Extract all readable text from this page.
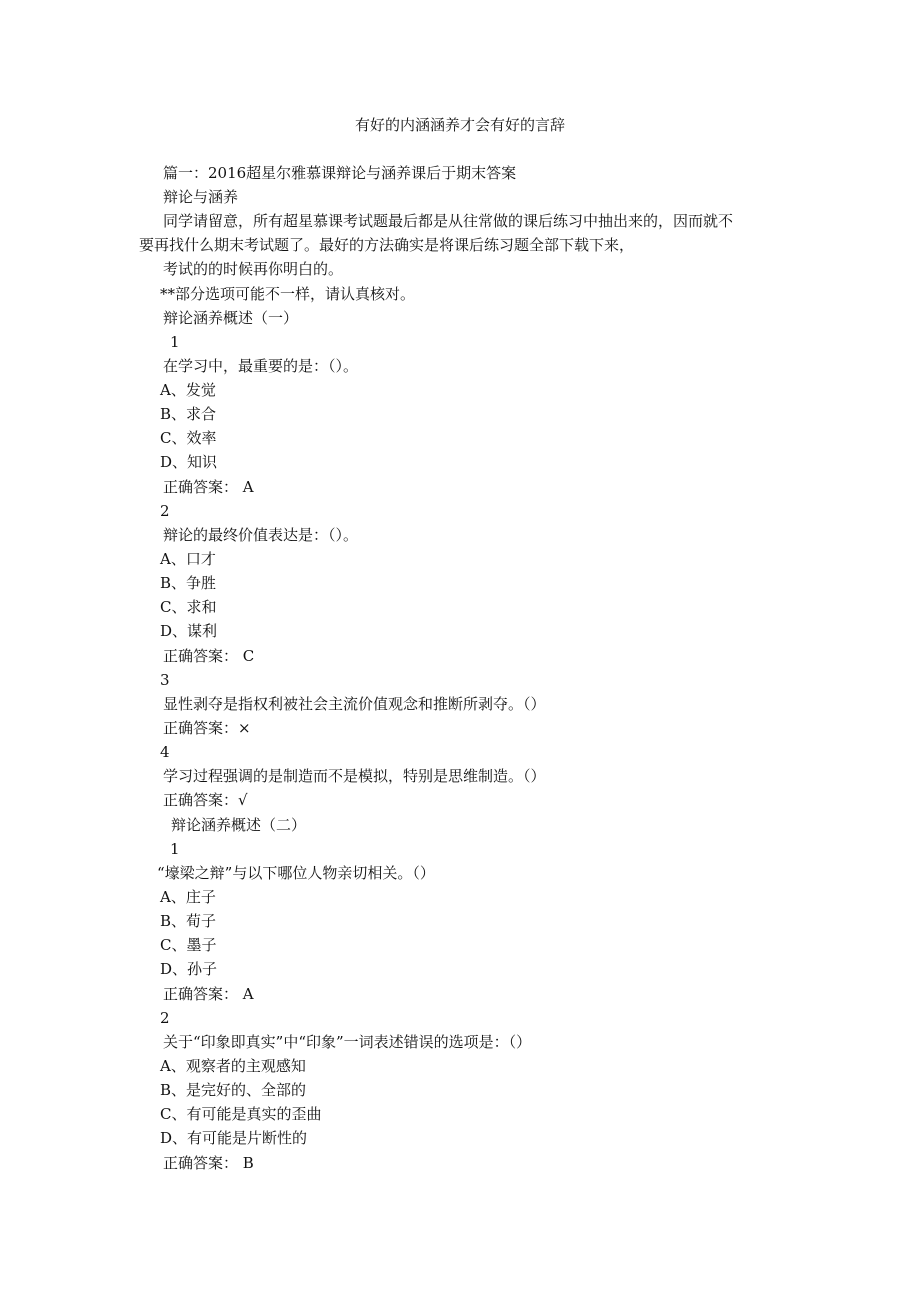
有好的内涵涵养才会有好的言辞
篇一：2016超星尔雅慕课辩论与涵养课后于期末答案
辩论与涵养
同学请留意，所有超星慕课考试题最后都是从往常做的课后练习中抽出来的，因而就不
要再找什么期末考试题了。最好的方法确实是将课后练习题全部下载下来，
考试的的时候再你明白的。
**部分选项可能不一样，请认真核对。
辩论涵养概述（一）
1
在学习中，最重要的是：（）。
A、发觉
B、求合
C、效率
D、知识
正确答案： A
2
辩论的最终价值表达是：（）。
A、口才
B、争胜
C、求和
D、谋利
正确答案： C
3
显性剥夺是指权利被社会主流价值观念和推断所剥夺。（）
正确答案：×
4
学习过程强调的是制造而不是模拟，特别是思维制造。（）
正确答案：√
辩论涵养概述（二）
1
“壕梁之辩”与以下哪位人物亲切相关。（）
A、庄子
B、荀子
C、墨子
D、孙子
正确答案： A
2
关于“印象即真实”中“印象”一词表述错误的选项是：（）
A、观察者的主观感知
B、是完好的、全部的
C、有可能是真实的歪曲
D、有可能是片断性的
正确答案： B
